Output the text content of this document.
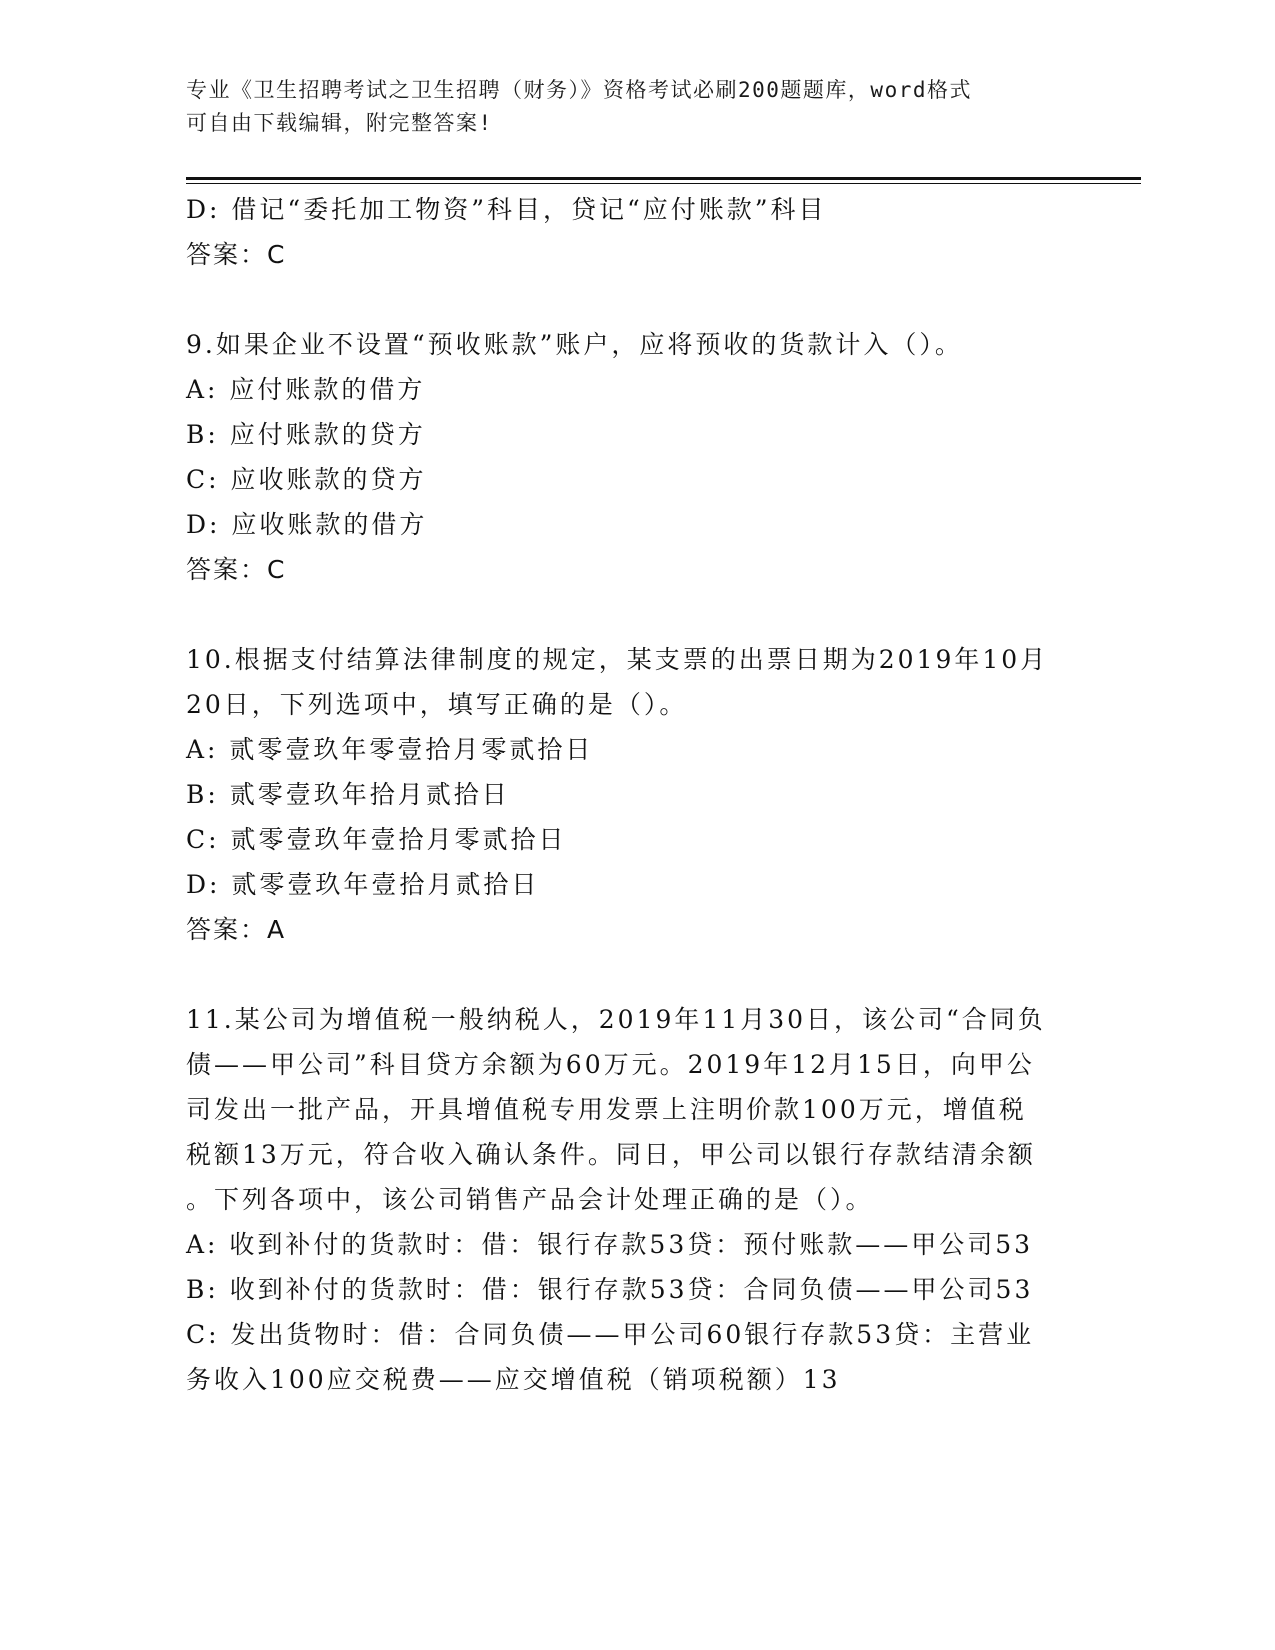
专业《卫生招聘考试之卫生招聘（财务）》资格考试必刷200题题库，word格式
可自由下载编辑，附完整答案!
D: 借记“委托加工物资”科目，贷记“应付账款”科目
答案：C
9.如果企业不设置“预收账款”账户，应将预收的货款计入（）。
A: 应付账款的借方
B: 应付账款的贷方
C: 应收账款的贷方
D: 应收账款的借方
答案：C
10.根据支付结算法律制度的规定，某支票的出票日期为2019年10月
20日，下列选项中，填写正确的是（）。
A: 贰零壹玖年零壹拾月零贰拾日
B: 贰零壹玖年拾月贰拾日
C: 贰零壹玖年壹拾月零贰拾日
D: 贰零壹玖年壹拾月贰拾日
答案：A
11.某公司为增值税一般纳税人，2019年11月30日，该公司“合同负
债——甲公司”科目贷方余额为60万元。2019年12月15日，向甲公
司发出一批产品，开具增值税专用发票上注明价款100万元，增值税
税额13万元，符合收入确认条件。同日，甲公司以银行存款结清余额
。下列各项中，该公司销售产品会计处理正确的是（）。
A: 收到补付的货款时：借：银行存款53贷：预付账款——甲公司53
B: 收到补付的货款时：借：银行存款53贷：合同负债——甲公司53
C: 发出货物时：借：合同负债——甲公司60银行存款53贷：主营业
务收入100应交税费——应交增值税（销项税额）13
